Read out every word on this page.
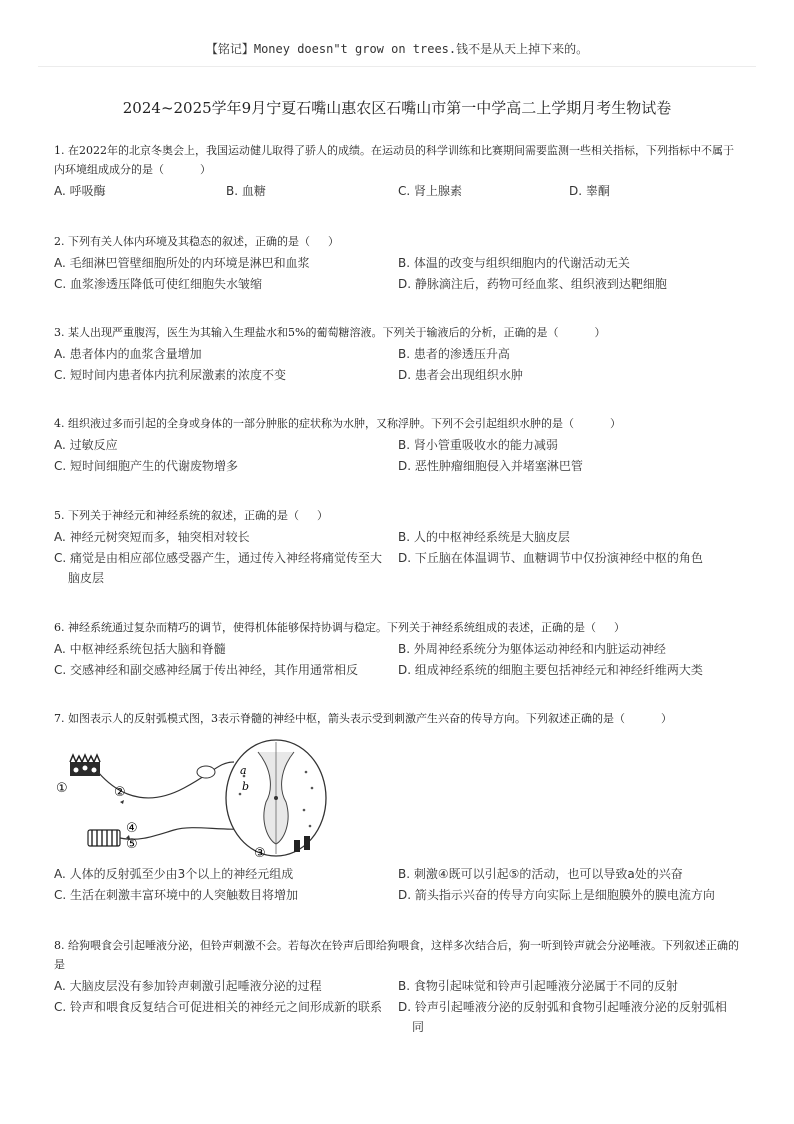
【铭记】Money doesn"t grow on trees.钱不是从天上掉下来的。
2024~2025学年9月宁夏石嘴山惠农区石嘴山市第一中学高二上学期月考生物试卷
1. 在2022年的北京冬奥会上，我国运动健儿取得了骄人的成绩。在运动员的科学训练和比赛期间需要监测一些相关指标，下列指标中不属于内环境组成成分的是（	）
A. 呼吸酶	B. 血糖	C. 肾上腺素	D. 睾酮
2. 下列有关人体内环境及其稳态的叙述，正确的是（ ）
A. 毛细淋巴管壁细胞所处的内环境是淋巴和血浆	B. 体温的改变与组织细胞内的代谢活动无关
C. 血浆渗透压降低可使红细胞失水皱缩	D. 静脉滴注后，药物可经血浆、组织液到达靶细胞
3. 某人出现严重腹泻，医生为其输入生理盐水和5%的葡萄糖溶液。下列关于输液后的分析，正确的是（	）
A. 患者体内的血浆含量增加	B. 患者的渗透压升高
C. 短时间内患者体内抗利尿激素的浓度不变	D. 患者会出现组织水肿
4. 组织液过多而引起的全身或身体的一部分肿胀的症状称为水肿，又称浮肿。下列不会引起组织水肿的是（	）
A. 过敏反应	B. 肾小管重吸收水的能力减弱
C. 短时间细胞产生的代谢废物增多	D. 恶性肿瘤细胞侵入并堵塞淋巴管
5. 下列关于神经元和神经系统的叙述，正确的是（ ）
A. 神经元树突短而多，轴突相对较长	B. 人的中枢神经系统是大脑皮层
C. 痛觉是由相应部位感受器产生，通过传入神经将痛觉传至大脑皮层
D. 下丘脑在体温调节、血糖调节中仅扮演神经中枢的角色
6. 神经系统通过复杂而精巧的调节，使得机体能够保持协调与稳定。下列关于神经系统组成的表述，正确的是（ ）
A. 中枢神经系统包括大脑和脊髓	B. 外周神经系统分为躯体运动神经和内脏运动神经
C. 交感神经和副交感神经属于传出神经，其作用通常相反	D. 组成神经系统的细胞主要包括神经元和神经纤维两大类
7. 如图表示人的反射弧模式图，3表示脊髓的神经中枢，箭头表示受到刺激产生兴奋的传导方向。下列叙述正确的是（	）
①	②
③
④
⑤
a
b
A. 人体的反射弧至少由3个以上的神经元组成	B. 刺激④既可以引起⑤的活动，也可以导致a处的兴奋
C. 生活在刺激丰富环境中的人突触数目将增加	D. 箭头指示兴奋的传导方向实际上是细胞膜外的膜电流方向
8. 给狗喂食会引起唾液分泌，但铃声刺激不会。若每次在铃声后即给狗喂食，这样多次结合后，狗一听到铃声就会分泌唾液。下列叙述正确的是
A. 大脑皮层没有参加铃声刺激引起唾液分泌的过程	B. 食物引起味觉和铃声引起唾液分泌属于不同的反射
C. 铃声和喂食反复结合可促进相关的神经元之间形成新的联系 D. 铃声引起唾液分泌的反射弧和食物引起唾液分泌的反射弧相同
